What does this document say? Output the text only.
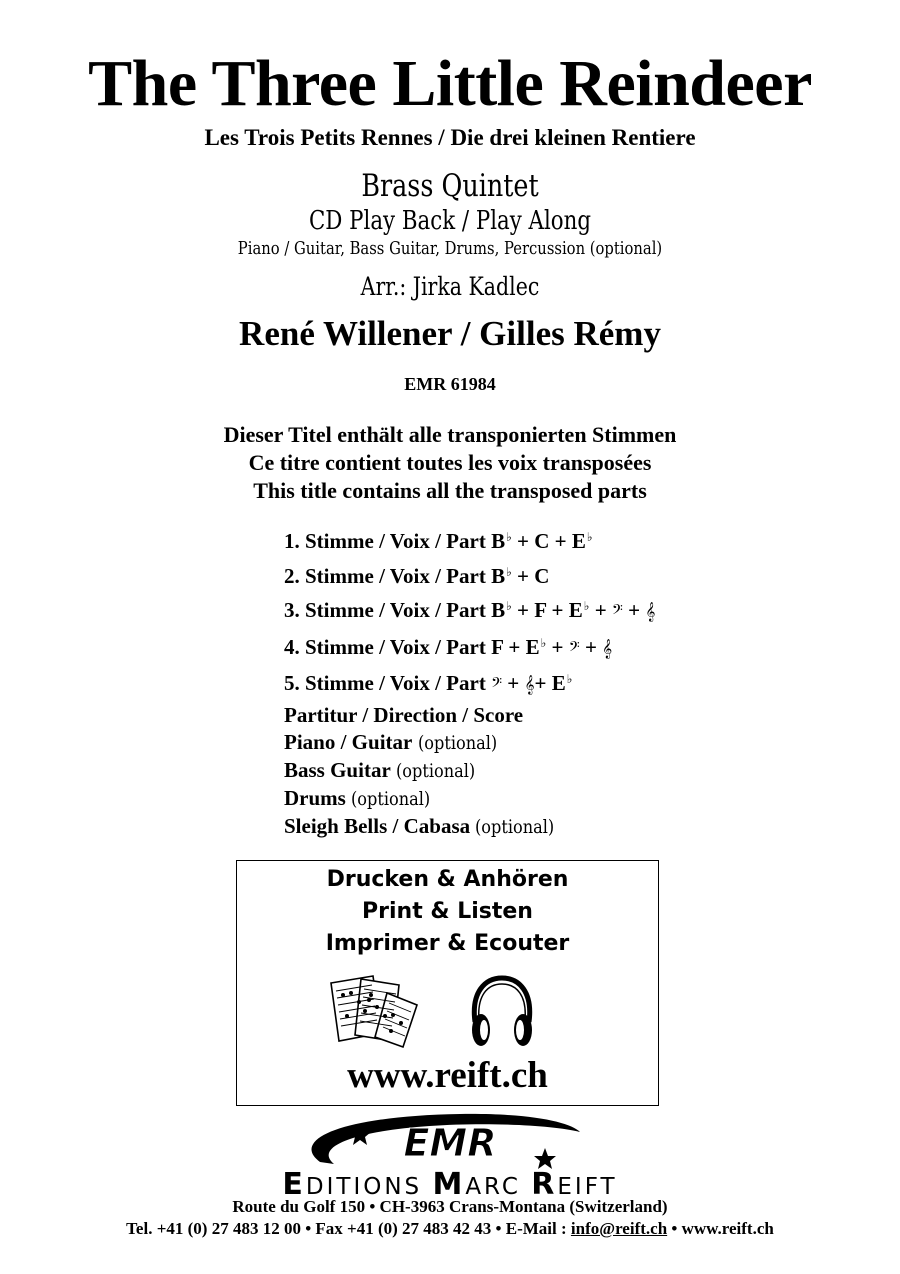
The Three Little Reindeer
Les Trois Petits Rennes / Die drei kleinen Rentiere
Brass Quintet
CD Play Back / Play Along
Piano / Guitar, Bass Guitar, Drums, Percussion (optional)
Arr.: Jirka Kadlec
René Willener / Gilles Rémy
EMR 61984
Dieser Titel enthält alle transponierten Stimmen
Ce titre contient toutes les voix transposées
This title contains all the transposed parts
1. Stimme / Voix / Part B♭ + C + E♭
2. Stimme / Voix / Part B♭ + C
3. Stimme / Voix / Part B♭ + F + E♭ + 𝄢 + 𝄞
4. Stimme / Voix / Part F + E♭ + 𝄢 + 𝄞
5. Stimme / Voix / Part 𝄢 + 𝄞+ E♭
Partitur / Direction / Score
Piano / Guitar (optional)
Bass Guitar (optional)
Drums (optional)
Sleigh Bells / Cabasa (optional)
Drucken & Anhören
Print & Listen
Imprimer & Ecouter
www.reift.ch
EMR
EDITIONS MARC REIFT
Route du Golf 150 • CH-3963 Crans-Montana (Switzerland)
Tel. +41 (0) 27 483 12 00 • Fax +41 (0) 27 483 42 43 • E-Mail : info@reift.ch • www.reift.ch
